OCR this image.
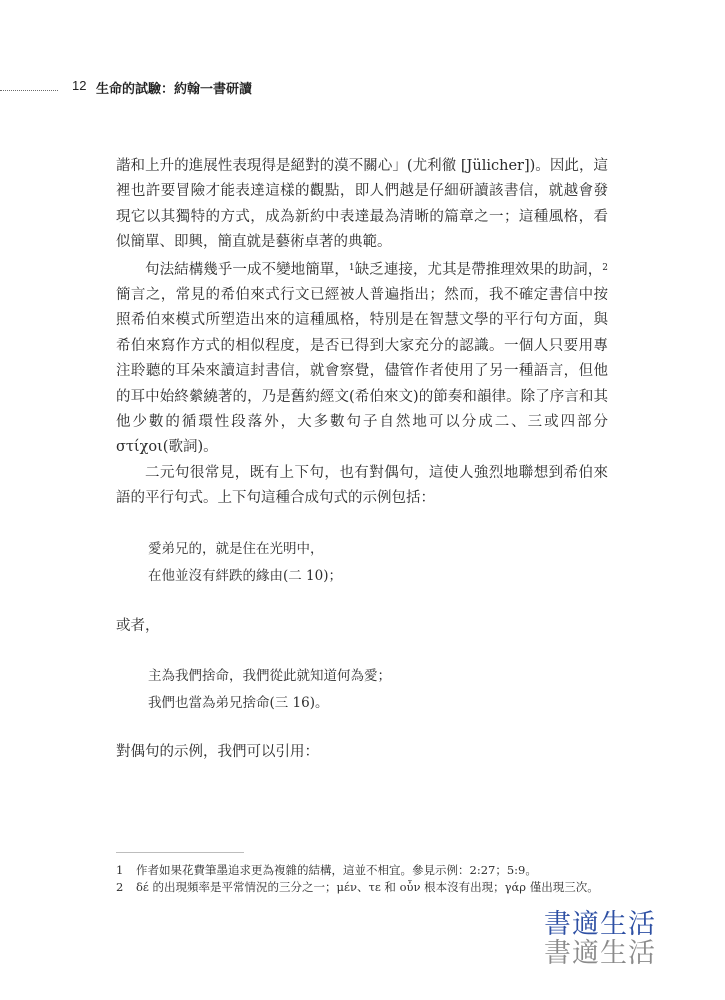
12 生命的試驗：約翰一書研讀

諧和上升的進展性表現得是絕對的漠不關心」(尤利徹 [Jülicher])。因此，這裡也許要冒險才能表達這樣的觀點，即人們越是仔細研讀該書信，就越會發現它以其獨特的方式，成為新約中表達最為清晰的篇章之一；這種風格，看似簡單、即興，簡直就是藝術卓著的典範。

句法結構幾乎一成不變地簡單，$^1$缺乏連接，尤其是帶推理效果的助詞，$^2$簡言之，常見的希伯來式行文已經被人普遍指出；然而，我不確定書信中按照希伯來模式所塑造出來的這種風格，特別是在智慧文學的平行句方面，與希伯來寫作方式的相似程度，是否已得到大家充分的認識。一個人只要用專注聆聽的耳朵來讀這封書信，就會察覺，儘管作者使用了另一種語言，但他的耳中始終縈繞著的，乃是舊約經文(希伯來文)的節奏和韻律。除了序言和其他少數的循環性段落外，大多數句子自然地可以分成二、三或四部分 στίχοι(歌詞)。

二元句很常見，既有上下句，也有對偶句，這使人強烈地聯想到希伯來語的平行句式。上下句這種合成句式的示例包括：

愛弟兄的，就是住在光明中，
在他並沒有絆跌的緣由(二 10)；
或者，
主為我們捨命，我們從此就知道何為愛；
我們也當為弟兄捨命(三 16)。
對偶句的示例，我們可以引用：
1 作者如果花費筆墨追求更為複雜的結構，這並不相宜。參見示例：2:27；5:9。
2 δέ 的出現頻率是平常情況的三分之一；μέν、τε 和 οὖν 根本沒有出現；γάρ 僅出現三次。
書適生活
書適生活
